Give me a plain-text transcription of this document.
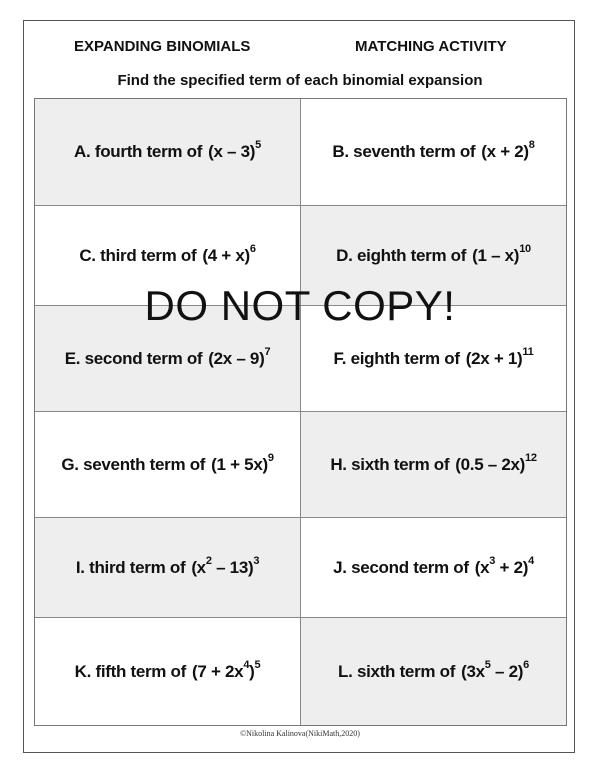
EXPANDING BINOMIALS	MATCHING ACTIVITY
Find the specified term of each binomial expansion
A. fourth term of (x – 3)$^5$	B. seventh term of $(x + 2)^8$
C. third term of $(4 + x)^6$	D. eighth term of (1 – x)$^{10}$
E. second term of (2x – 9)$^7$	F. eighth term of $(2x + 1)^{11}$
G. seventh term of $(1 + 5x)^9$	H. sixth term of (0.5 – 2x)$^{12}$
I. third term of $(x^2 - 13)^3$	J. second term of $(x^3 + 2)^4$
K. fifth term of $(7 + 2x^4)^5$	L. sixth term of $(3x^5 - 2)^6$
DO NOT COPY!
©Nikolina Kalinova(NikiMath,2020)
